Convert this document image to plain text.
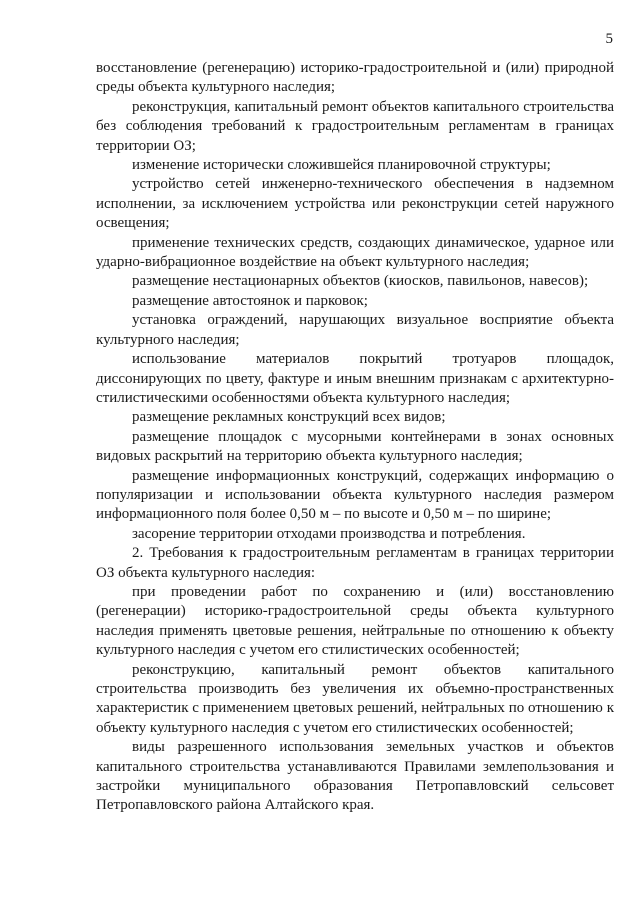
5

восстановление (регенерацию) историко-градостроительной и (или) природной среды объекта культурного наследия;

реконструкция, капитальный ремонт объектов капитального строительства без соблюдения требований к градостроительным регламентам в границах территории ОЗ;

изменение исторически сложившейся планировочной структуры;

устройство сетей инженерно-технического обеспечения в надземном исполнении, за исключением устройства или реконструкции сетей наружного освещения;

применение технических средств, создающих динамическое, ударное или ударно-вибрационное воздействие на объект культурного наследия;

размещение нестационарных объектов (киосков, павильонов, навесов);

размещение автостоянок и парковок;

установка ограждений, нарушающих визуальное восприятие объекта культурного наследия;

использование материалов покрытий тротуаров площадок, диссонирующих по цвету, фактуре и иным внешним признакам с архитектурно-стилистическими особенностями объекта культурного наследия;

размещение рекламных конструкций всех видов;

размещение площадок с мусорными контейнерами в зонах основных видовых раскрытий на территорию объекта культурного наследия;

размещение информационных конструкций, содержащих информацию о популяризации и использовании объекта культурного наследия размером информационного поля более 0,50 м – по высоте и 0,50 м – по ширине;

засорение территории отходами производства и потребления.

2. Требования к градостроительным регламентам в границах территории ОЗ объекта культурного наследия:

при проведении работ по сохранению и (или) восстановлению (регенерации) историко-градостроительной среды объекта культурного наследия применять цветовые решения, нейтральные по отношению к объекту культурного наследия с учетом его стилистических особенностей;

реконструкцию, капитальный ремонт объектов капитального строительства производить без увеличения их объемно-пространственных характеристик с применением цветовых решений, нейтральных по отношению к объекту культурного наследия с учетом его стилистических особенностей;

виды разрешенного использования земельных участков и объектов капитального строительства устанавливаются Правилами землепользования и застройки муниципального образования Петропавловский сельсовет Петропавловского района Алтайского края.
